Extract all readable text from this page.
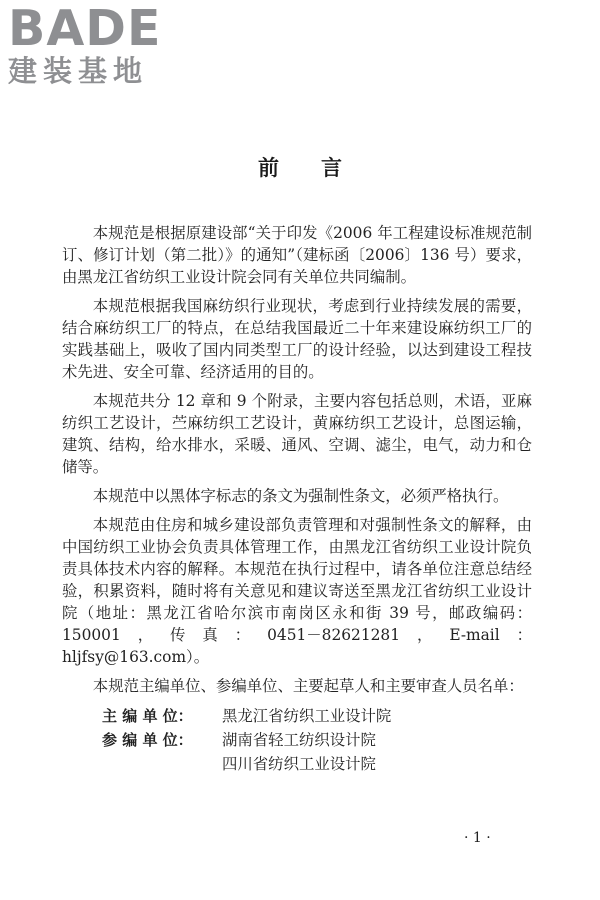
BADE
建装基地
前言

本规范是根据原建设部“关于印发《2006 年工程建设标准规范制订、修订计划（第二批）》的通知”（建标函〔2006〕136 号）要求，由黑龙江省纺织工业设计院会同有关单位共同编制。

本规范根据我国麻纺织行业现状，考虑到行业持续发展的需要，结合麻纺织工厂的特点，在总结我国最近二十年来建设麻纺织工厂的实践基础上，吸收了国内同类型工厂的设计经验，以达到建设工程技术先进、安全可靠、经济适用的目的。

本规范共分 12 章和 9 个附录，主要内容包括总则，术语，亚麻纺织工艺设计，苎麻纺织工艺设计，黄麻纺织工艺设计，总图运输，建筑、结构，给水排水，采暖、通风、空调、滤尘，电气，动力和仓储等。

本规范中以黑体字标志的条文为强制性条文，必须严格执行。

本规范由住房和城乡建设部负责管理和对强制性条文的解释，由中国纺织工业协会负责具体管理工作，由黑龙江省纺织工业设计院负责具体技术内容的解释。本规范在执行过程中，请各单位注意总结经验，积累资料，随时将有关意见和建议寄送至黑龙江省纺织工业设计院（地址：黑龙江省哈尔滨市南岗区永和街 39 号，邮政编码：150001，传真：0451－82621281，E-mail：hljfsy@163.com）。

本规范主编单位、参编单位、主要起草人和主要审查人员名单：

主 编 单 位：	黑龙江省纺织工业设计院
参 编 单 位：	湖南省轻工纺织设计院
四川省纺织工业设计院
· 1 ·
